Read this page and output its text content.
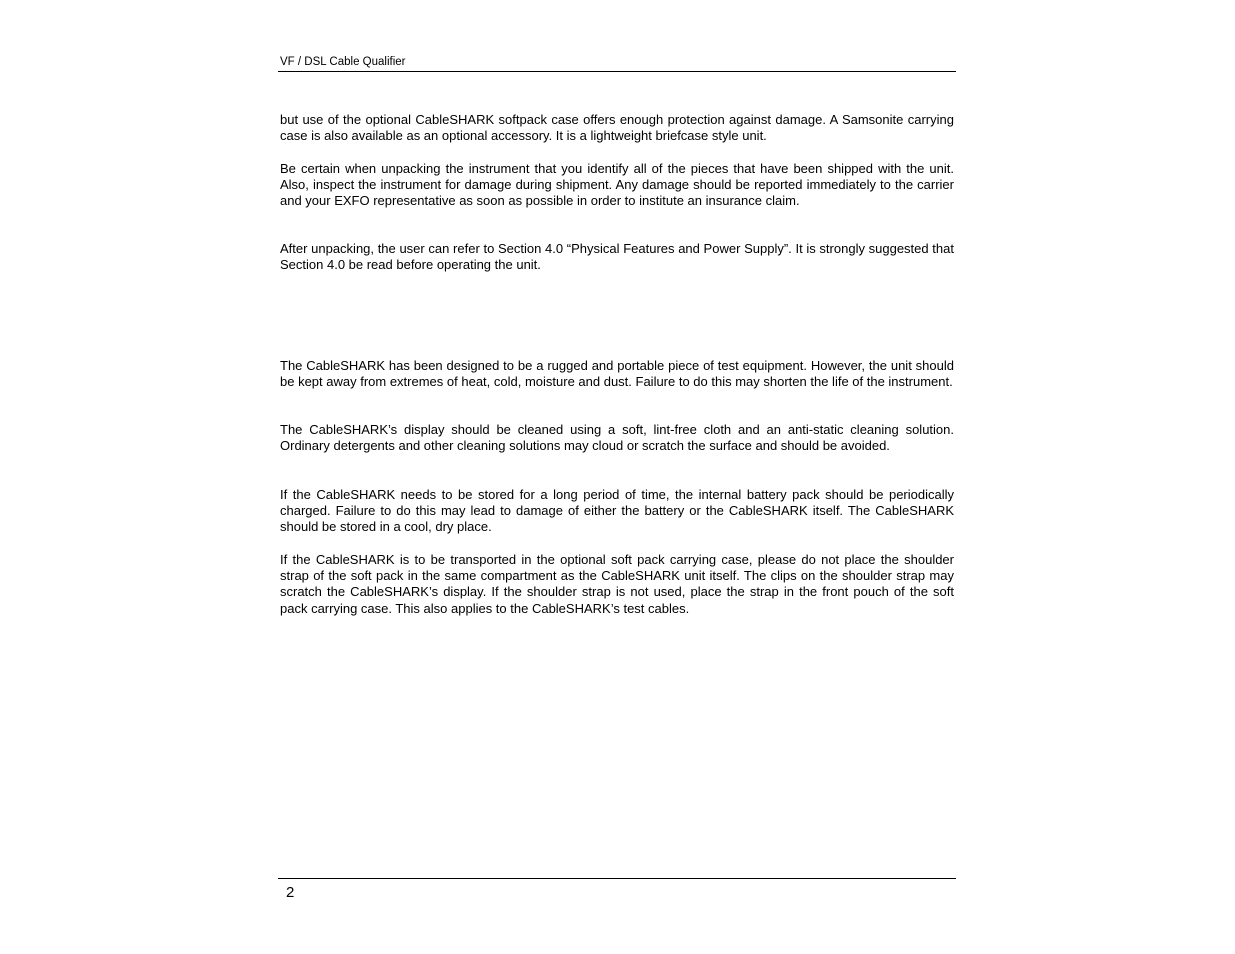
VF / DSL Cable Qualifier

but use of the optional CableSHARK softpack case offers enough protection against damage. A Samsonite carrying case is also available as an optional accessory. It is a lightweight briefcase style unit.

Be certain when unpacking the instrument that you identify all of the pieces that have been shipped with the unit. Also, inspect the instrument for damage during shipment. Any damage should be reported immediately to the carrier and your EXFO representative as soon as possible in order to institute an insurance claim.

After unpacking, the user can refer to Section 4.0 “Physical Features and Power Supply”. It is strongly suggested that Section 4.0 be read before operating the unit.

The CableSHARK has been designed to be a rugged and portable piece of test equipment. However, the unit should be kept away from extremes of heat, cold, moisture and dust. Failure to do this may shorten the life of the instrument.

The CableSHARK’s display should be cleaned using a soft, lint-free cloth and an anti-static cleaning solution. Ordinary detergents and other cleaning solutions may cloud or scratch the surface and should be avoided.

If the CableSHARK needs to be stored for a long period of time, the internal battery pack should be periodically charged. Failure to do this may lead to damage of either the battery or the CableSHARK itself. The CableSHARK should be stored in a cool, dry place.

If the CableSHARK is to be transported in the optional soft pack carrying case, please do not place the shoulder strap of the soft pack in the same compartment as the CableSHARK unit itself. The clips on the shoulder strap may scratch the CableSHARK’s display. If the shoulder strap is not used, place the strap in the front pouch of the soft pack carrying case. This also applies to the CableSHARK’s test cables.

2
